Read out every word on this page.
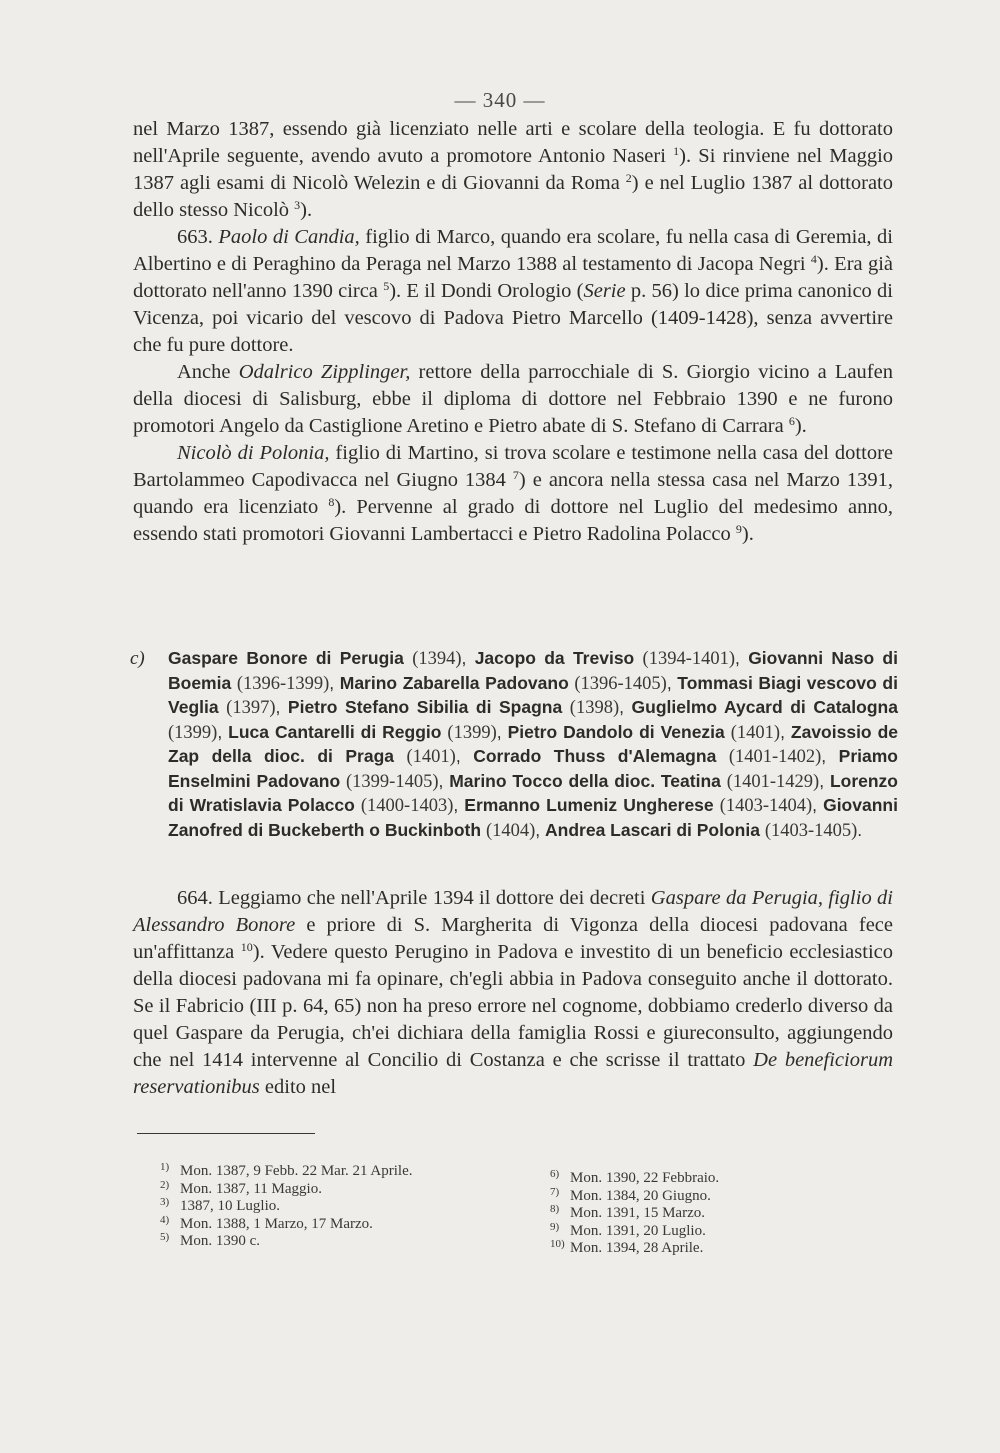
— 340 —

nel Marzo 1387, essendo già licenziato nelle arti e scolare della teologia. E fu dottorato nell'Aprile seguente, avendo avuto a promotore Antonio Naseri $^1$). Si rinviene nel Maggio 1387 agli esami di Nicolò Welezin e di Giovanni da Roma $^2$) e nel Luglio 1387 al dottorato dello stesso Nicolò $^3$).

663. Paolo di Candia, figlio di Marco, quando era scolare, fu nella casa di Geremia, di Albertino e di Peraghino da Peraga nel Marzo 1388 al testamento di Jacopa Negri $^4$). Era già dottorato nell'anno 1390 circa $^5$). E il Dondi Orologio (Serie p. 56) lo dice prima canonico di Vicenza, poi vicario del vescovo di Padova Pietro Marcello (1409-1428), senza avvertire che fu pure dottore.

Anche Odalrico Zipplinger, rettore della parrocchiale di S. Giorgio vicino a Laufen della diocesi di Salisburg, ebbe il diploma di dottore nel Febbraio 1390 e ne furono promotori Angelo da Castiglione Aretino e Pietro abate di S. Stefano di Carrara $^6$).

Nicolò di Polonia, figlio di Martino, si trova scolare e testimone nella casa del dottore Bartolammeo Capodivacca nel Giugno 1384 $^7$) e ancora nella stessa casa nel Marzo 1391, quando era licenziato $^8$). Pervenne al grado di dottore nel Luglio del medesimo anno, essendo stati promotori Giovanni Lambertacci e Pietro Radolina Polacco $^9$).

c) Gaspare Bonore di Perugia (1394), Jacopo da Treviso (1394-1401), Giovanni Naso di Boemia (1396-1399), Marino Zabarella Padovano (1396-1405), Tommasi Biagi vescovo di Veglia (1397), Pietro Stefano Sibilia di Spagna (1398), Guglielmo Aycard di Catalogna (1399), Luca Cantarelli di Reggio (1399), Pietro Dandolo di Venezia (1401), Zavoissio de Zap della dioc. di Praga (1401), Corrado Thuss d'Alemagna (1401-1402), Priamo Enselmini Padovano (1399-1405), Marino Tocco della dioc. Teatina (1401-1429), Lorenzo di Wratislavia Polacco (1400-1403), Ermanno Lumeniz Ungherese (1403-1404), Giovanni Zanofred di Buckeberth o Buckinboth (1404), Andrea Lascari di Polonia (1403-1405).

664. Leggiamo che nell'Aprile 1394 il dottore dei decreti Gaspare da Perugia, figlio di Alessandro Bonore e priore di S. Margherita di Vigonza della diocesi padovana fece un'affittanza $^{10}$). Vedere questo Perugino in Padova e investito di un beneficio ecclesiastico della diocesi padovana mi fa opinare, ch'egli abbia in Padova conseguito anche il dottorato. Se il Fabricio (III p. 64, 65) non ha preso errore nel cognome, dobbiamo crederlo diverso da quel Gaspare da Perugia, ch'ei dichiara della famiglia Rossi e giureconsulto, aggiungendo che nel 1414 intervenne al Concilio di Costanza e che scrisse il trattato De beneficiorum reservationibus edito nel

1) Mon. 1387, 9 Febb. 22 Mar. 21 Aprile.
2) Mon. 1387, 11 Maggio.
3) 1387, 10 Luglio.
4) Mon. 1388, 1 Marzo, 17 Marzo.
5) Mon. 1390 c.
6) Mon. 1390, 22 Febbraio.
7) Mon. 1384, 20 Giugno.
8) Mon. 1391, 15 Marzo.
9) Mon. 1391, 20 Luglio.
10) Mon. 1394, 28 Aprile.
